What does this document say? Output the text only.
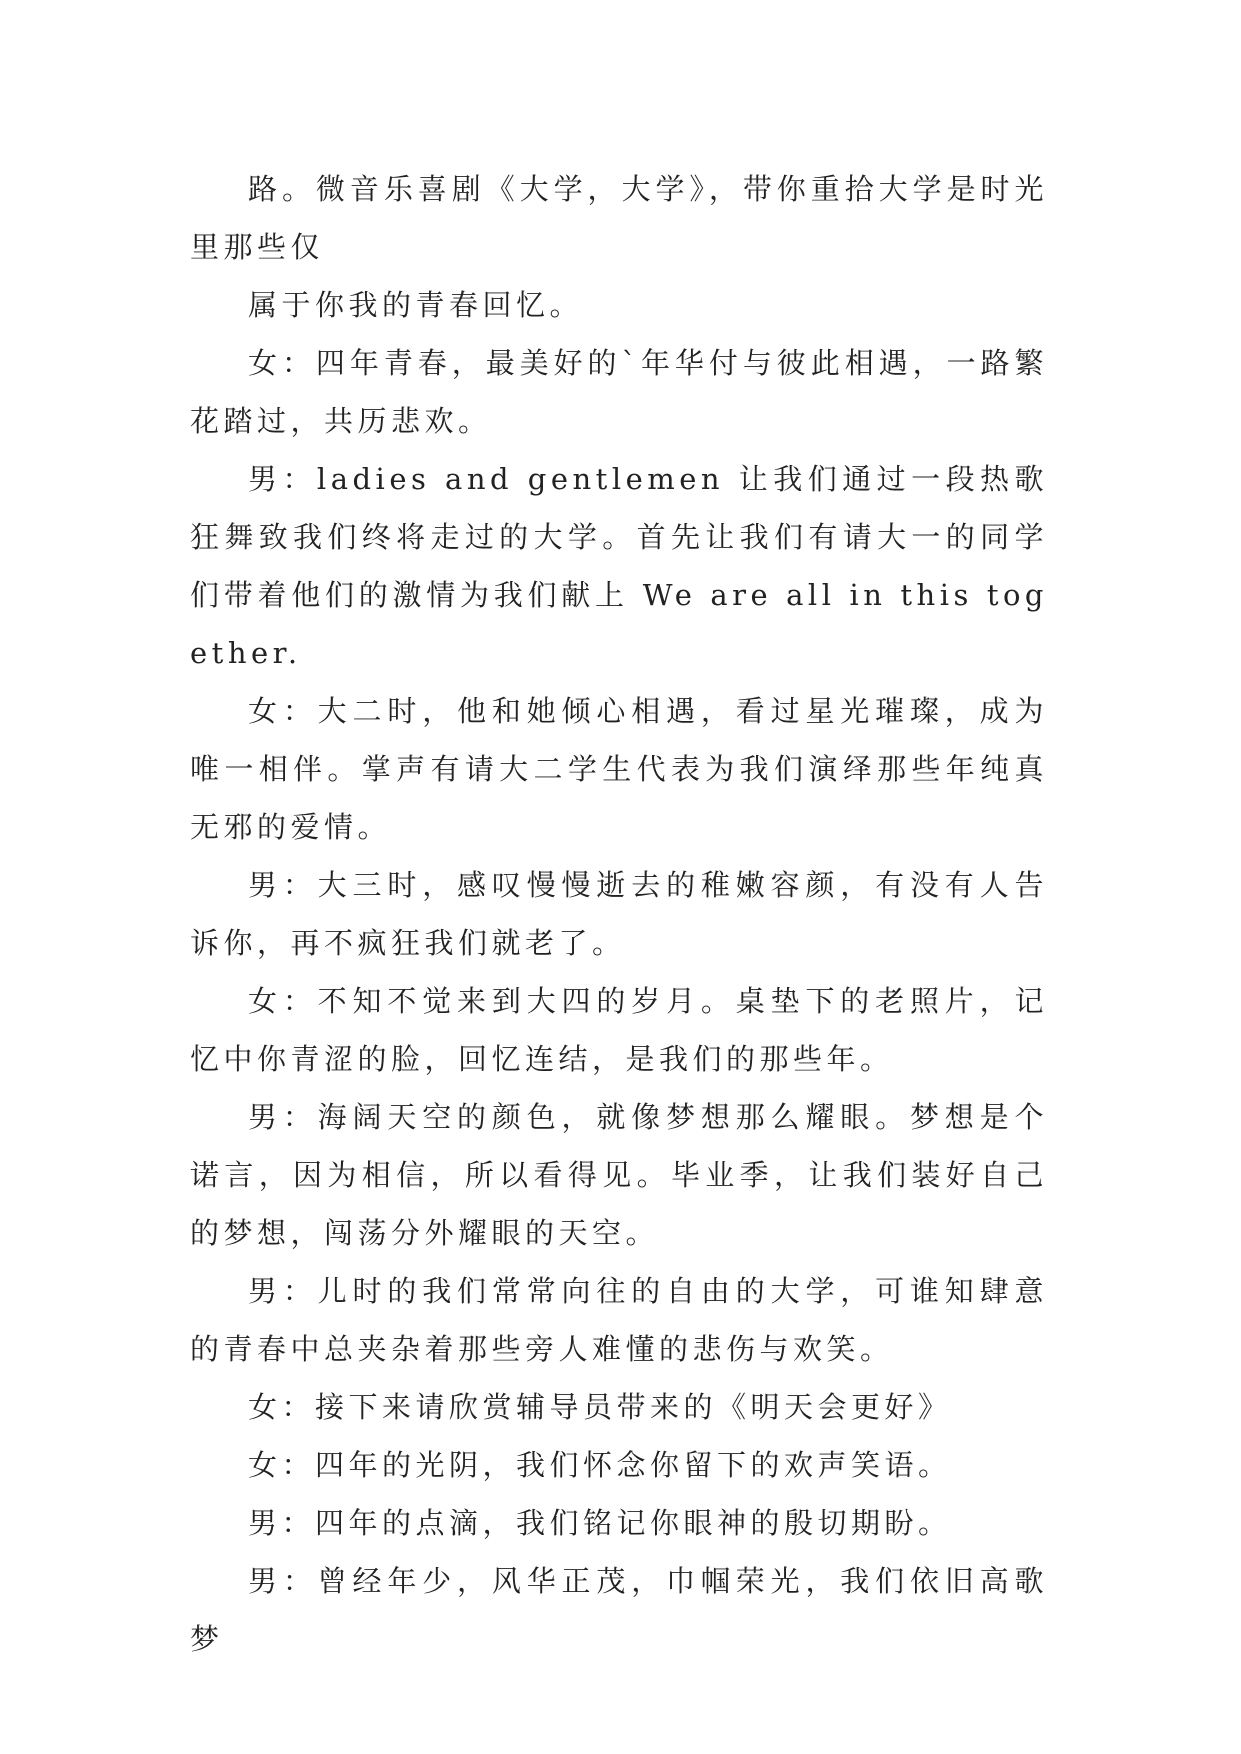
路。微音乐喜剧《大学，大学》，带你重拾大学是时光里那些仅

属于你我的青春回忆。

女：四年青春，最美好的`年华付与彼此相遇，一路繁花踏过，共历悲欢。

男：ladies and gentlemen 让我们通过一段热歌狂舞致我们终将走过的大学。首先让我们有请大一的同学们带着他们的激情为我们献上 We are all in this together.

女：大二时，他和她倾心相遇，看过星光璀璨，成为唯一相伴。掌声有请大二学生代表为我们演绎那些年纯真无邪的爱情。

男：大三时，感叹慢慢逝去的稚嫩容颜，有没有人告诉你，再不疯狂我们就老了。

女：不知不觉来到大四的岁月。桌垫下的老照片，记忆中你青涩的脸，回忆连结，是我们的那些年。

男：海阔天空的颜色，就像梦想那么耀眼。梦想是个诺言，因为相信，所以看得见。毕业季，让我们装好自己的梦想，闯荡分外耀眼的天空。

男：儿时的我们常常向往的自由的大学，可谁知肆意的青春中总夹杂着那些旁人难懂的悲伤与欢笑。

女：接下来请欣赏辅导员带来的《明天会更好》

女：四年的光阴，我们怀念你留下的欢声笑语。

男：四年的点滴，我们铭记你眼神的殷切期盼。

男：曾经年少，风华正茂，巾帼荣光，我们依旧高歌梦
